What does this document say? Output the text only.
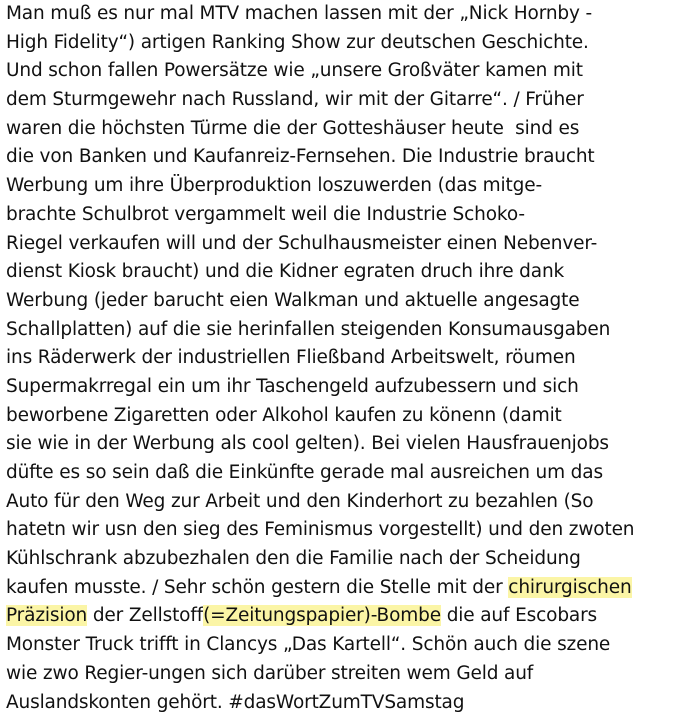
Man muß es nur mal MTV machen lassen mit der „Nick Hornby -
High Fidelity“) artigen Ranking Show zur deutschen Geschichte.
Und schon fallen Powersätze wie „unsere Großväter kamen mit
dem Sturmgewehr nach Russland, wir mit der Gitarre“. / Früher
waren die höchsten Türme die der Gotteshäuser heute  sind es
die von Banken und Kaufanreiz-Fernsehen. Die Industrie braucht
Werbung um ihre Überproduktion loszuwerden (das mitge-
brachte Schulbrot vergammelt weil die Industrie Schoko-
Riegel verkaufen will und der Schulhausmeister einen Nebenver-
dienst Kiosk braucht) und die Kidner egraten druch ihre dank
Werbung (jeder barucht eien Walkman und aktuelle angesagte
Schallplatten) auf die sie herinfallen steigenden Konsumausgaben
ins Räderwerk der industriellen Fließband Arbeitswelt, röumen
Supermakrregal ein um ihr Taschengeld aufzubessern und sich
beworbene Zigaretten oder Alkohol kaufen zu könenn (damit
sie wie in der Werbung als cool gelten). Bei vielen Hausfrauenjobs
düfte es so sein daß die Einkünfte gerade mal ausreichen um das
Auto für den Weg zur Arbeit und den Kinderhort zu bezahlen (So
hatetn wir usn den sieg des Feminismus vorgestellt) und den zwoten
Kühlschrank abzubezhalen den die Familie nach der Scheidung
kaufen musste. / Sehr schön gestern die Stelle mit der chirurgischen
Präzision der Zellstoff(=Zeitungspapier)-Bombe die auf Escobars
Monster Truck trifft in Clancys „Das Kartell“. Schön auch die szene
wie zwo Regier-ungen sich darüber streiten wem Geld auf
Auslandskonten gehört. #dasWortZumTVSamstag
